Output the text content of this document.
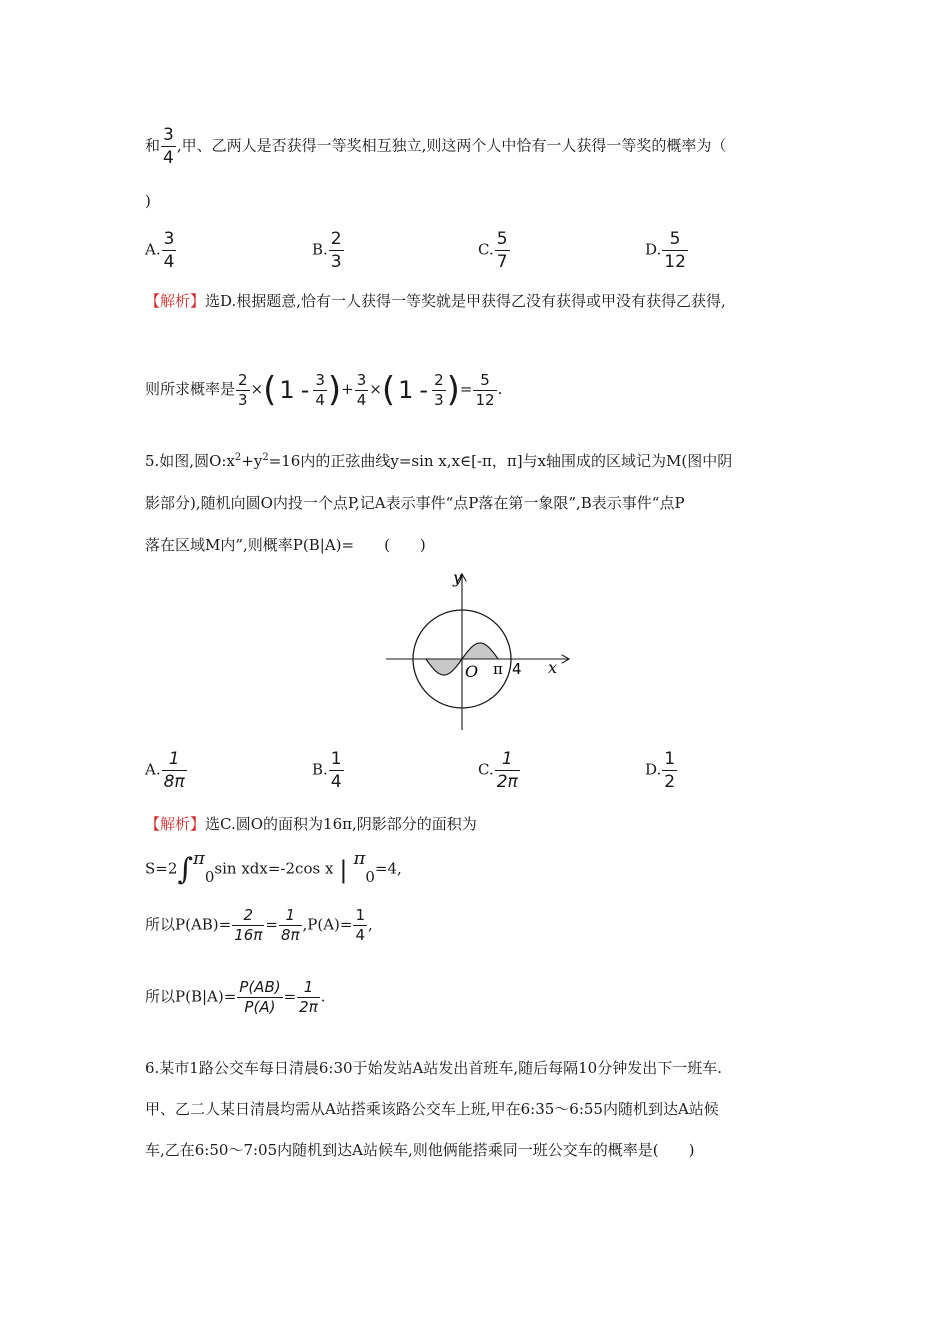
和 $\frac{3}{4}$ ,甲、乙两人是否获得一等奖相互独立,则这两个人中恰有一人获得一等奖的概率为（
)
A. $\frac{3}{4}$	B. $\frac{2}{3}$	C. $\frac{5}{7}$	D. $\frac{5}{12}$
【解析】选D.根据题意,恰有一人获得一等奖就是甲获得乙没有获得或甲没有获得乙获得,
则所求概率是 $\frac{2}{3}$ ×( $1 - \frac{3}{4}$ )+ $\frac{3}{4}$ ×( $1 - \frac{2}{3}$ )= $\frac{5}{12}$ .
5.如图,圆$O:x^2+y^2=16$内的正弦曲线y=sin x,x∈[-π，π]与x轴围成的区域记为M(图中阴
影部分),随机向圆O内投一个点P,记A表示事件“点P落在第一象限”,B表示事件“点P
落在区域M内”,则概率P(B|A)=　　(　　)
y
x
O π 4
A. $\frac{1}{8\pi}$	B. $\frac{1}{4}$	C. $\frac{1}{2\pi}$	D. $\frac{1}{2}$
【解析】选C.圆O的面积为16π,阴影部分的面积为
S=2∫π0sin xdx=-2cos x | π0=4,
所以$P(AB)= \frac{2}{16\pi} = \frac{1}{8\pi} ,P(A)= \frac{1}{4}$ ,
所以$P(B|A)= \frac{P(AB)}{P(A)} = \frac{1}{2\pi}$ .
6.某市1路公交车每日清晨6:30于始发站A站发出首班车,随后每隔10分钟发出下一班车.
甲、乙二人某日清晨均需从A站搭乘该路公交车上班,甲在6:35～6:55内随机到达A站候
车,乙在6:50～7:05内随机到达A站候车,则他俩能搭乘同一班公交车的概率是(　　)
